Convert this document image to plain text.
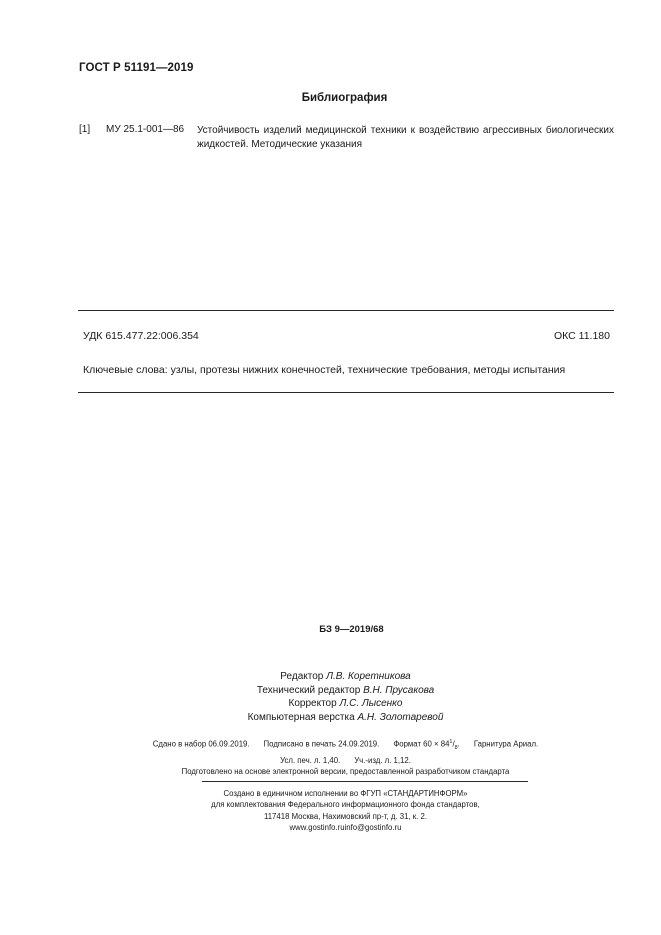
ГОСТ Р 51191—2019
Библиография
[1] МУ 25.1-001—86 Устойчивость изделий медицинской техники к воздействию агрессивных биологических жидкостей. Методические указания
УДК 615.477.22:006.354	ОКС 11.180
Ключевые слова: узлы, протезы нижних конечностей, технические требования, методы испытания
БЗ 9—2019/68
Редактор Л.В. Коретникова
Технический редактор В.Н. Прусакова
Корректор Л.С. Лысенко
Компьютерная верстка А.Н. Золотаревой
Сдано в набор 06.09.2019. Подписано в печать 24.09.2019. Формат $60 \times 84^1/_8$. Гарнитура Ариал.
Усл. печ. л. 1,40. Уч.-изд. л. 1,12.
Подготовлено на основе электронной версии, предоставленной разработчиком стандарта
Создано в единичном исполнении во ФГУП «СТАНДАРТИНФОРМ»
для комплектования Федерального информационного фонда стандартов,
117418 Москва, Нахимовский пр-т, д. 31, к. 2.
www.gostinfo.ruinfo@gostinfo.ru
